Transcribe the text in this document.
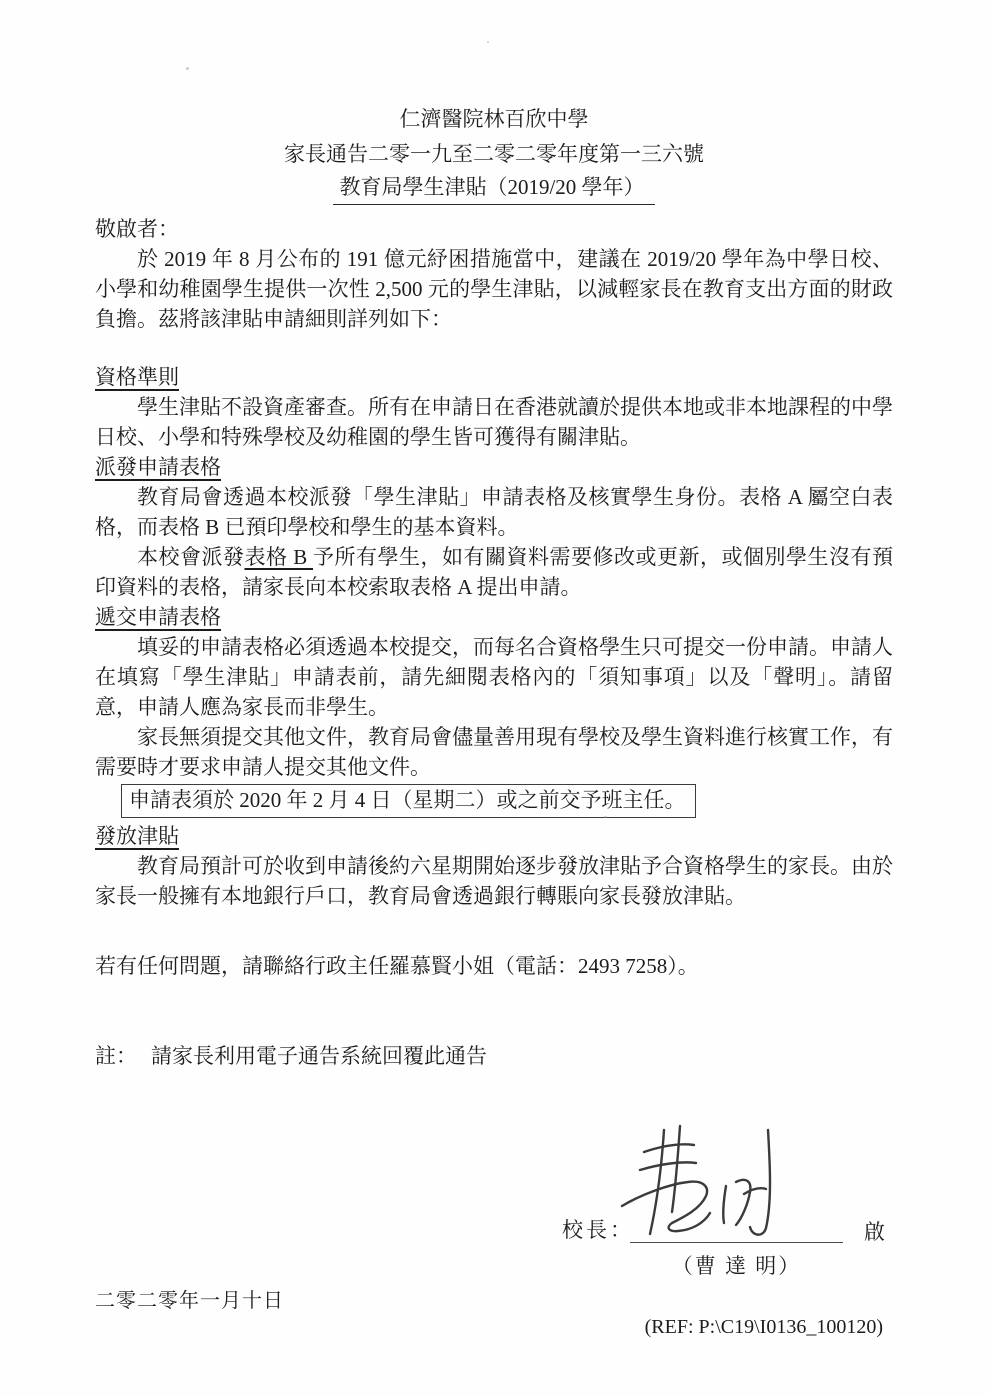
仁濟醫院林百欣中學
家長通告二零一九至二零二零年度第一三六號
教育局學生津貼（2019/20 學年）

敬啟者：

於 2019 年 8 月公布的 191 億元紓困措施當中，建議在 2019/20 學年為中學日校、小學和幼稚園學生提供一次性 2,500 元的學生津貼，以減輕家長在教育支出方面的財政負擔。茲將該津貼申請細則詳列如下：

資格準則

學生津貼不設資產審查。所有在申請日在香港就讀於提供本地或非本地課程的中學日校、小學和特殊學校及幼稚園的學生皆可獲得有關津貼。

派發申請表格

教育局會透過本校派發「學生津貼」申請表格及核實學生身份。表格 A 屬空白表格，而表格 B 已預印學校和學生的基本資料。

本校會派發表格 B 予所有學生，如有關資料需要修改或更新，或個別學生沒有預印資料的表格，請家長向本校索取表格 A 提出申請。

遞交申請表格

填妥的申請表格必須透過本校提交，而每名合資格學生只可提交一份申請。申請人在填寫「學生津貼」申請表前，請先細閱表格內的「須知事項」以及「聲明」。請留意，申請人應為家長而非學生。

家長無須提交其他文件，教育局會儘量善用現有學校及學生資料進行核實工作，有需要時才要求申請人提交其他文件。

申請表須於 2020 年 2 月 4 日（星期二）或之前交予班主任。
發放津貼

教育局預計可於收到申請後約六星期開始逐步發放津貼予合資格學生的家長。由於家長一般擁有本地銀行戶口，教育局會透過銀行轉賬向家長發放津貼。

若有任何問題，請聯絡行政主任羅慕賢小姐（電話：2493 7258）。

註： 請家長利用電子通告系統回覆此通告

校長：	啟
（曹 達 明）
二零二零年一月十日
(REF: P:\C19\I0136_100120)
